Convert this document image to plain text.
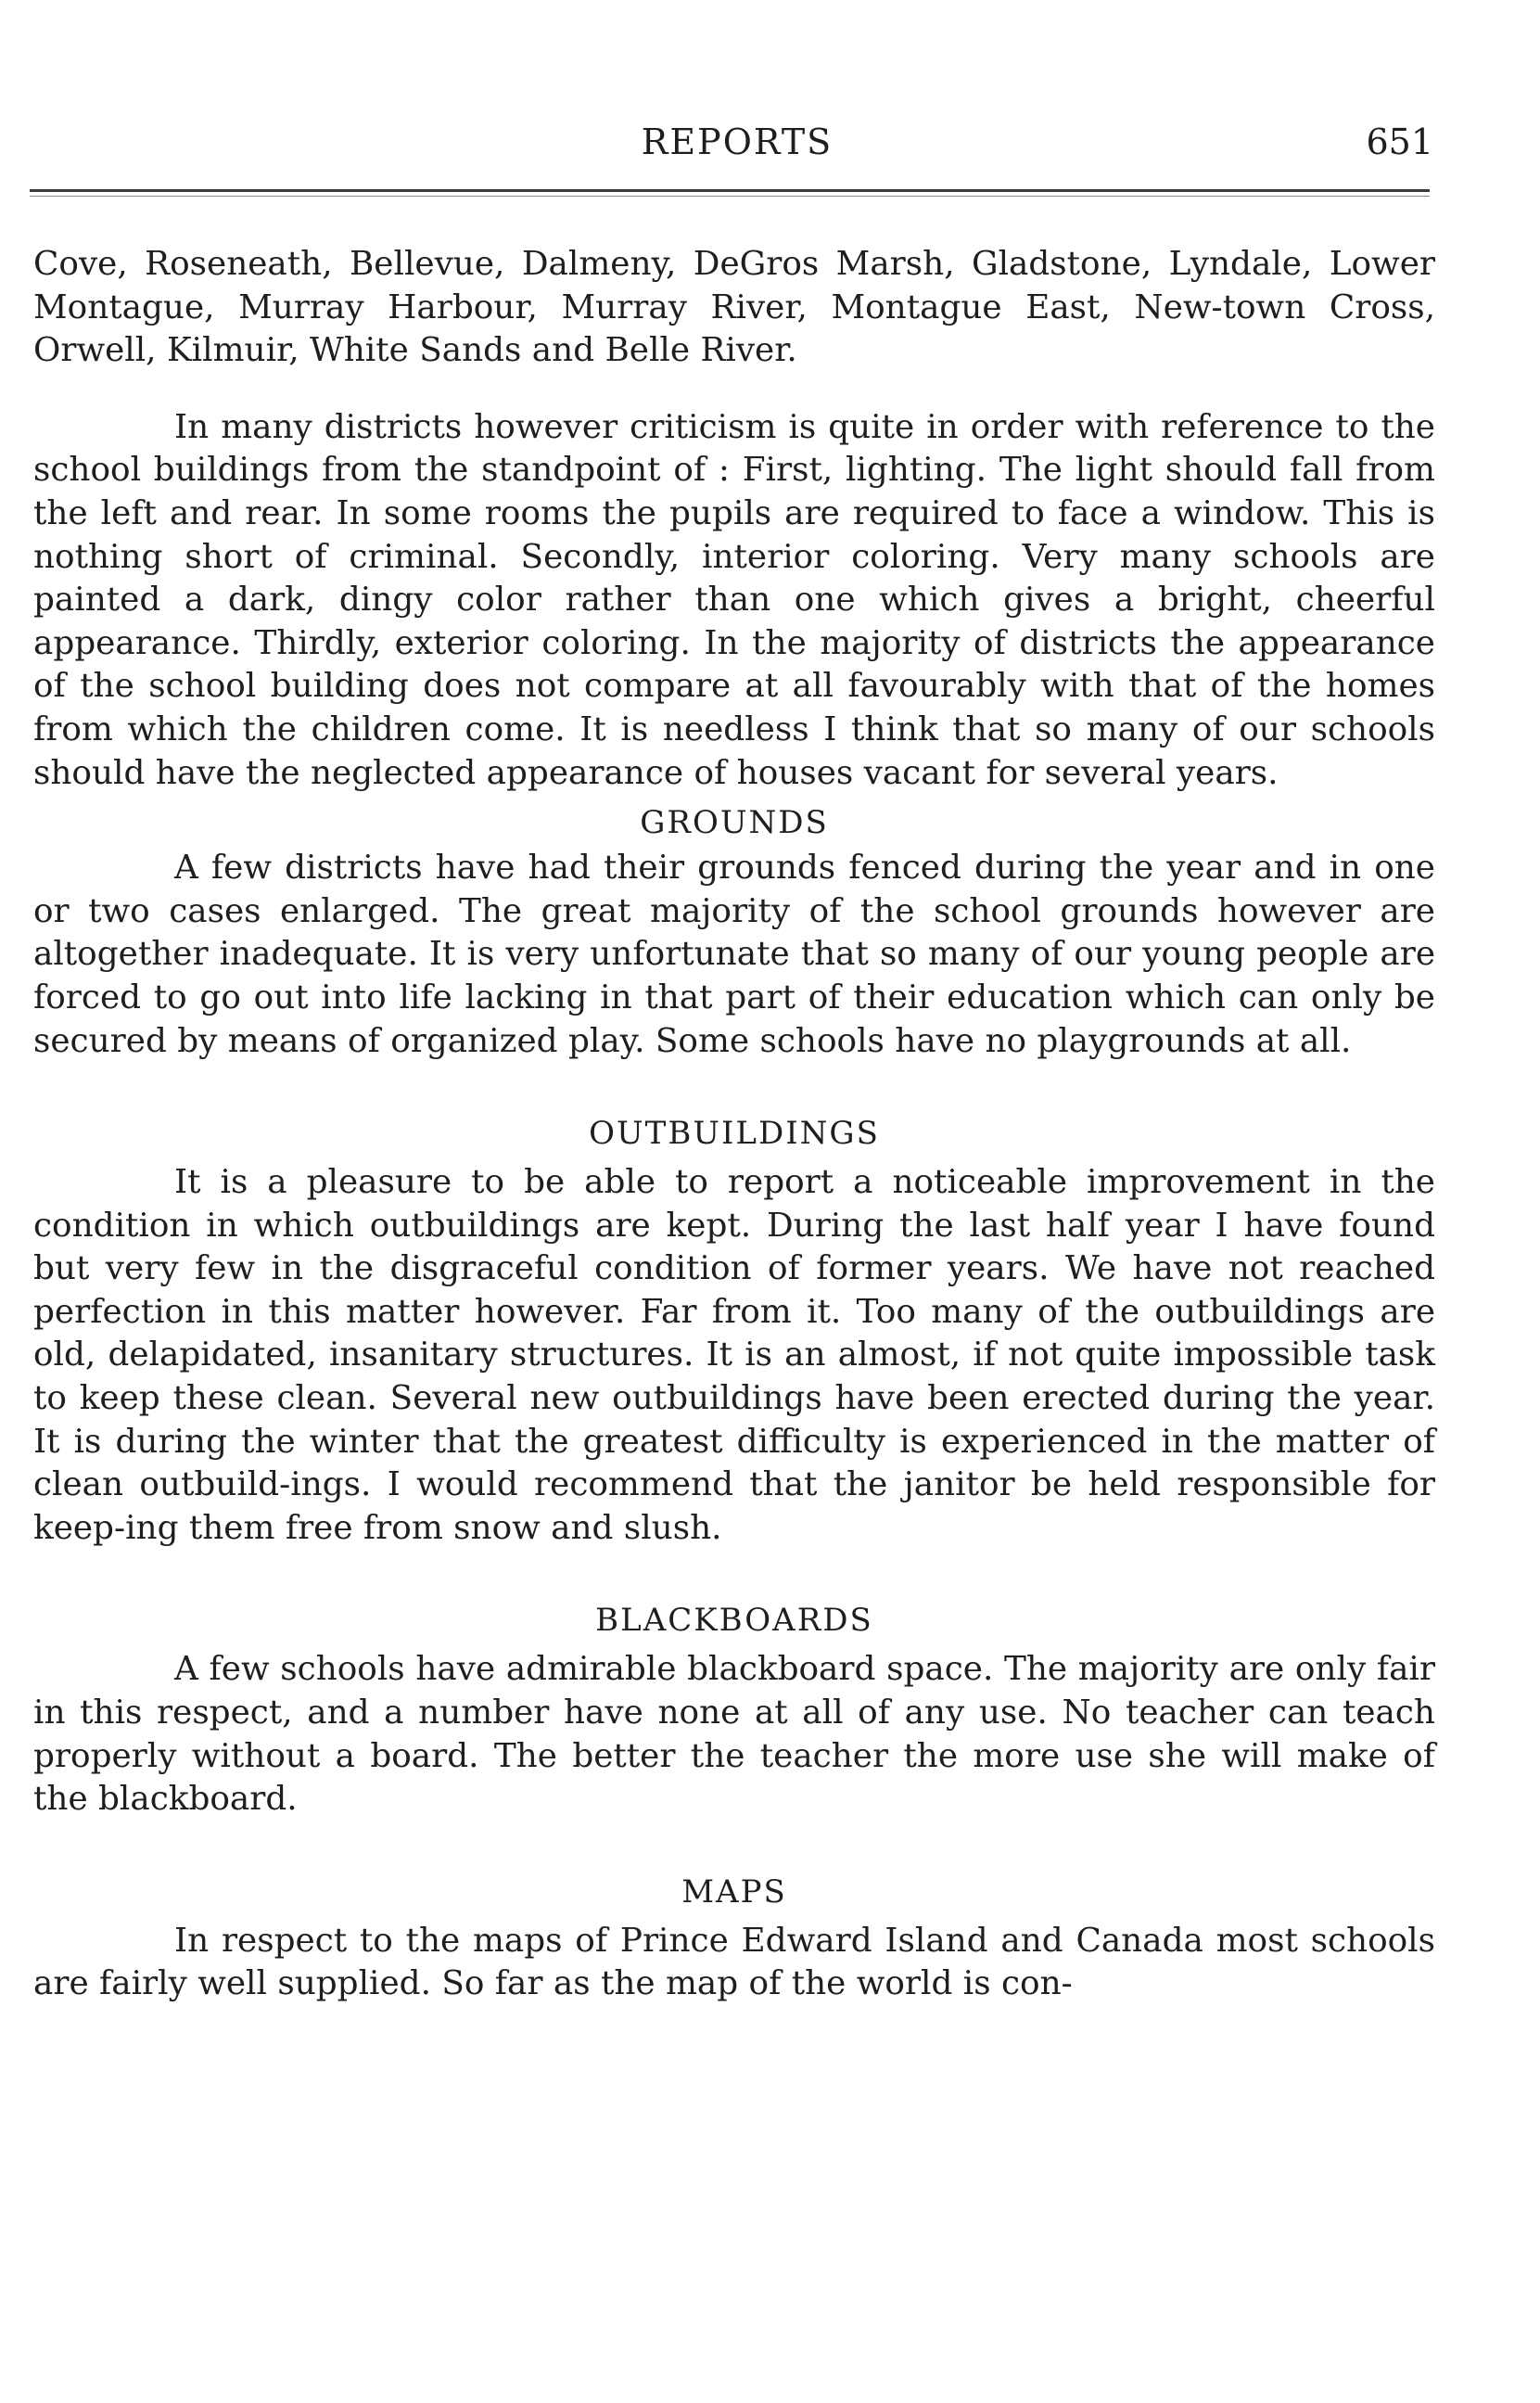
REPORTS	651

Cove, Roseneath, Bellevue, Dalmeny, DeGros Marsh, Gladstone, Lyndale, Lower Montague, Murray Harbour, Murray River, Montague East, New-town Cross, Orwell, Kilmuir, White Sands and Belle River.

In many districts however criticism is quite in order with reference to the school buildings from the standpoint of : First, lighting. The light should fall from the left and rear. In some rooms the pupils are required to face a window. This is nothing short of criminal. Secondly, interior coloring. Very many schools are painted a dark, dingy color rather than one which gives a bright, cheerful appearance. Thirdly, exterior coloring. In the majority of districts the appearance of the school building does not compare at all favourably with that of the homes from which the children come. It is needless I think that so many of our schools should have the neglected appearance of houses vacant for several years.

GROUNDS

A few districts have had their grounds fenced during the year and in one or two cases enlarged. The great majority of the school grounds however are altogether inadequate. It is very unfortunate that so many of our young people are forced to go out into life lacking in that part of their education which can only be secured by means of organized play. Some schools have no playgrounds at all.

OUTBUILDINGS

It is a pleasure to be able to report a noticeable improvement in the condition in which outbuildings are kept. During the last half year I have found but very few in the disgraceful condition of former years. We have not reached perfection in this matter however. Far from it. Too many of the outbuildings are old, delapidated, insanitary structures. It is an almost, if not quite impossible task to keep these clean. Several new outbuildings have been erected during the year. It is during the winter that the greatest difficulty is experienced in the matter of clean outbuild-ings. I would recommend that the janitor be held responsible for keep-ing them free from snow and slush.

BLACKBOARDS

A few schools have admirable blackboard space. The majority are only fair in this respect, and a number have none at all of any use. No teacher can teach properly without a board. The better the teacher the more use she will make of the blackboard.

MAPS

In respect to the maps of Prince Edward Island and Canada most schools are fairly well supplied. So far as the map of the world is con-
